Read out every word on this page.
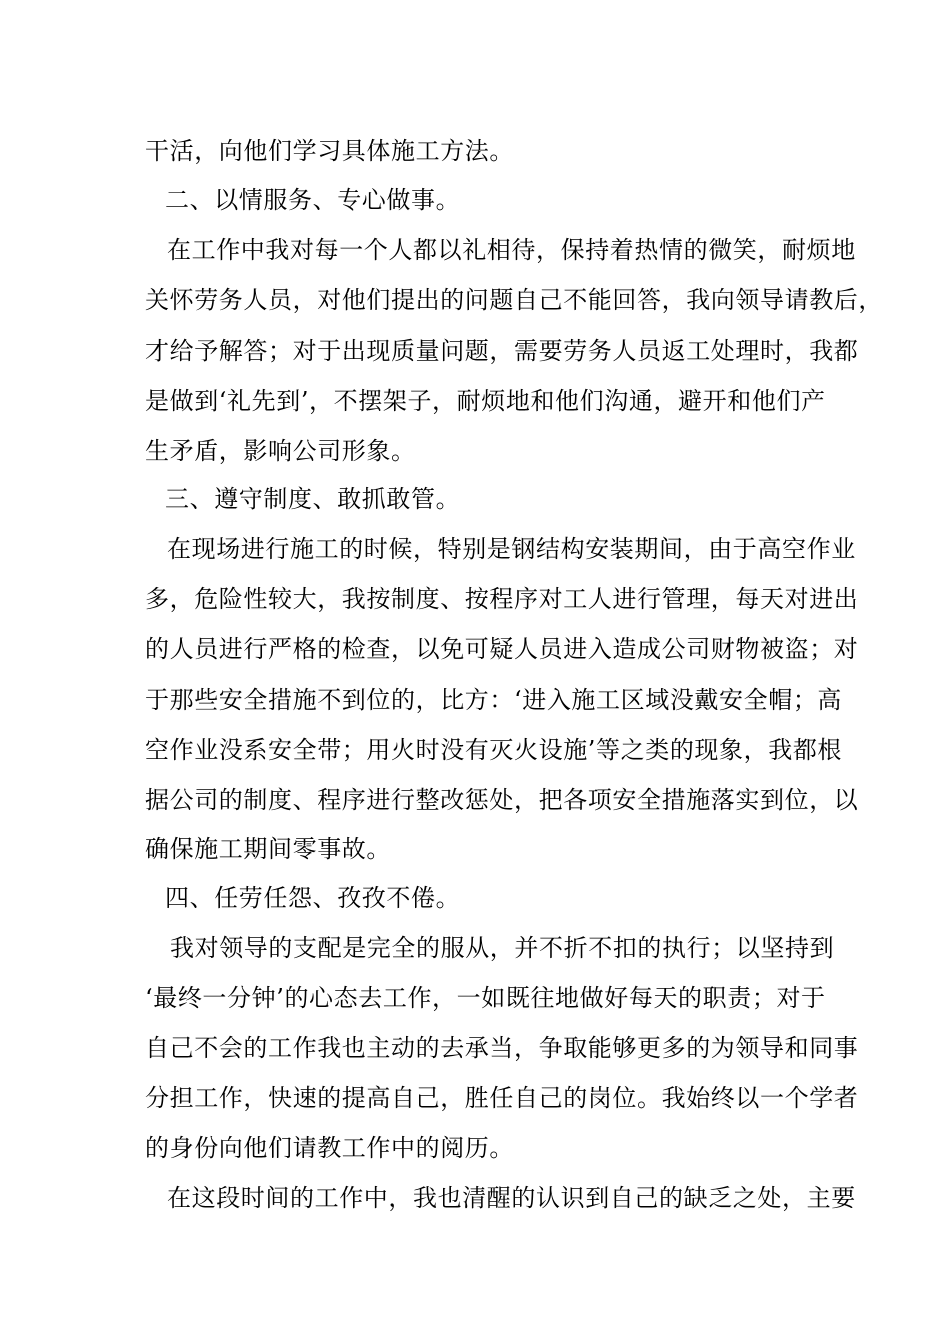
干活，向他们学习具体施工方法。
二、以情服务、专心做事。
在工作中我对每一个人都以礼相待，保持着热情的微笑，耐烦地
关怀劳务人员，对他们提出的问题自己不能回答，我向领导请教后，
才给予解答；对于出现质量问题，需要劳务人员返工处理时，我都
是做到‘礼先到’，不摆架子，耐烦地和他们沟通，避开和他们产
生矛盾，影响公司形象。
三、遵守制度、敢抓敢管。
在现场进行施工的时候，特别是钢结构安装期间，由于高空作业
多，危险性较大，我按制度、按程序对工人进行管理，每天对进出
的人员进行严格的检查，以免可疑人员进入造成公司财物被盗；对
于那些安全措施不到位的，比方：‘进入施工区域没戴安全帽；高
空作业没系安全带；用火时没有灭火设施’等之类的现象，我都根
据公司的制度、程序进行整改惩处，把各项安全措施落实到位，以
确保施工期间零事故。
四、任劳任怨、孜孜不倦。
我对领导的支配是完全的服从，并不折不扣的执行；以坚持到
‘最终一分钟’的心态去工作，一如既往地做好每天的职责；对于
自己不会的工作我也主动的去承当，争取能够更多的为领导和同事
分担工作，快速的提高自己，胜任自己的岗位。我始终以一个学者
的身份向他们请教工作中的阅历。
在这段时间的工作中，我也清醒的认识到自己的缺乏之处，主要
